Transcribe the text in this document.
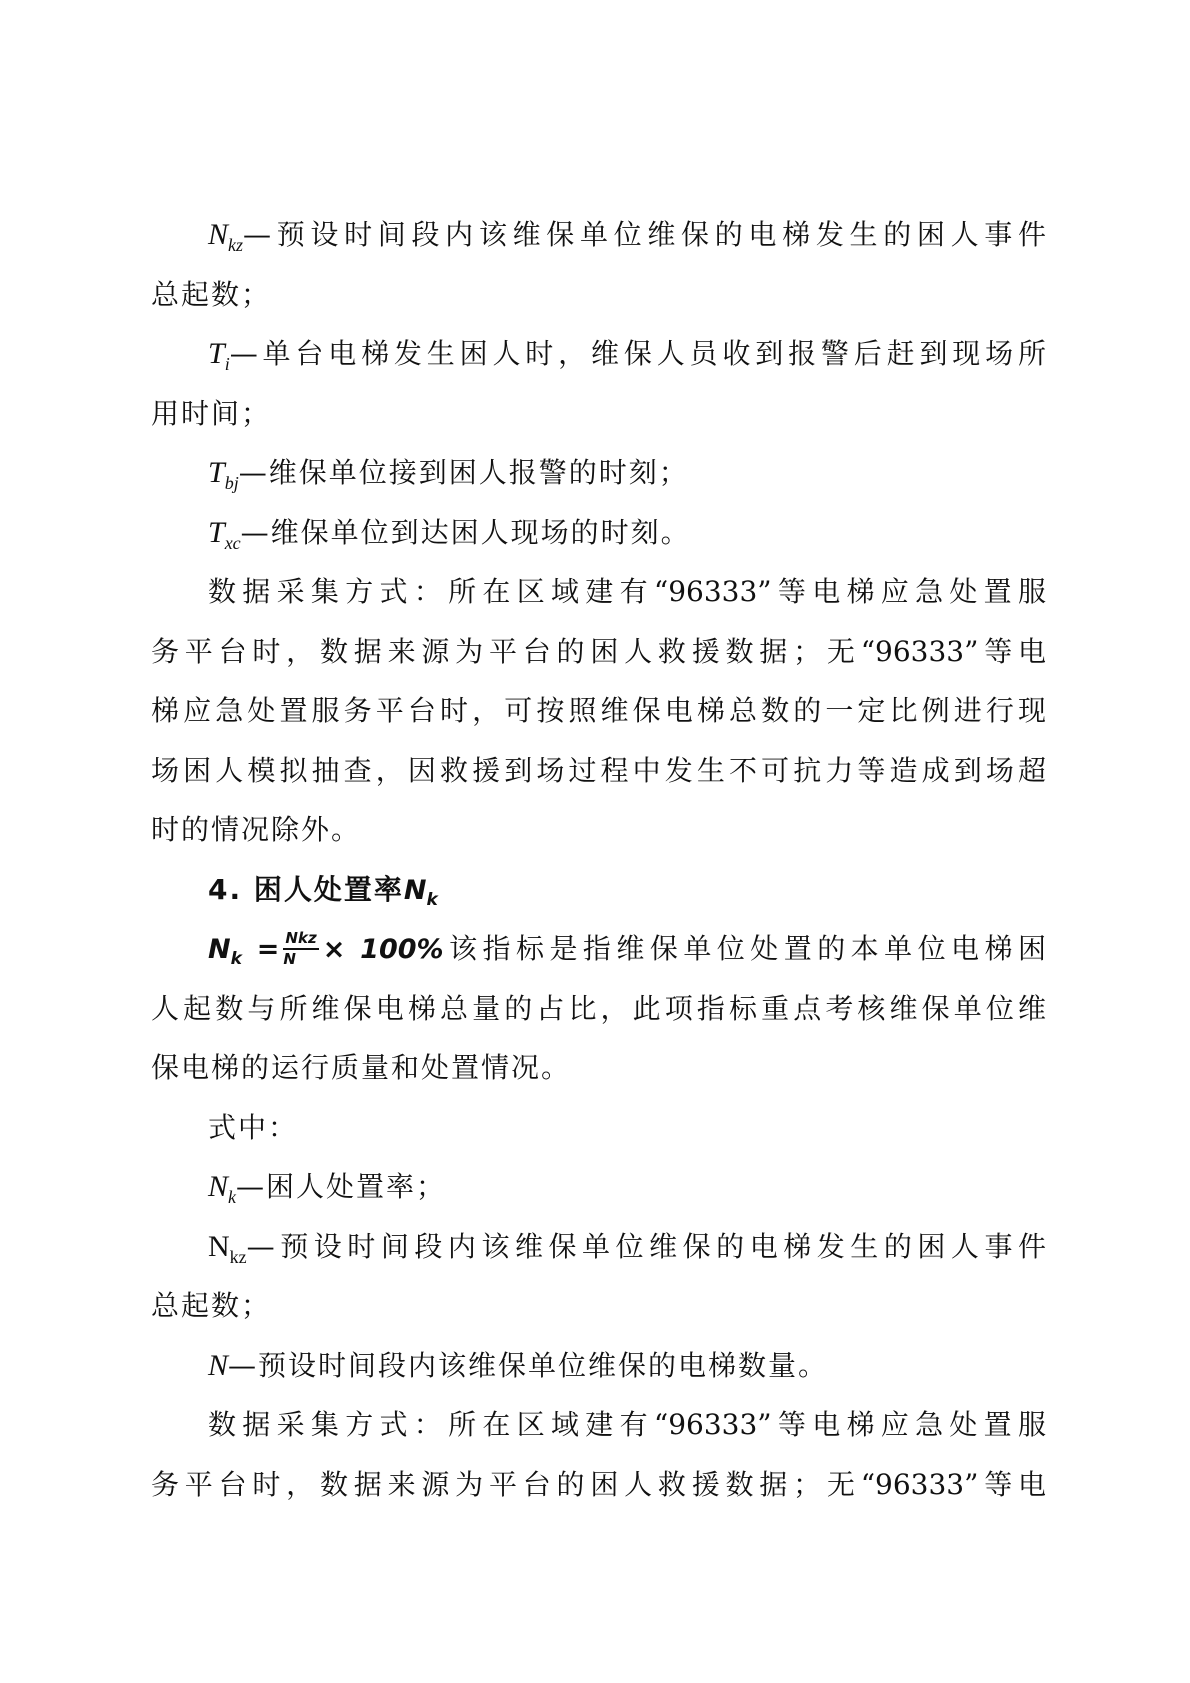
$N_{kz}—$预设时间段内该维保单位维保的电梯发生的困人事件
总起数；
$T_i—$单台电梯发生困人时，维保人员收到报警后赶到现场所
用时间；
$T_{bj}—$维保单位接到困人报警的时刻；
$T_{xc}—$维保单位到达困人现场的时刻。
数据采集方式：所在区域建有“96333”等电梯应急处置服
务平台时，数据来源为平台的困人救援数据；无“96333”等电
梯应急处置服务平台时，可按照维保电梯总数的一定比例进行现
场困人模拟抽查，因救援到场过程中发生不可抗力等造成到场超
时的情况除外。
4. 困人处置率$N_k$
$N_k = \frac{\text{Nkz}}{N} \times 100\%$该指标是指维保单位处置的本单位电梯困
人起数与所维保电梯总量的占比，此项指标重点考核维保单位维
保电梯的运行质量和处置情况。
式中：
$N_k—$困人处置率；
$N_{kz}—$预设时间段内该维保单位维保的电梯发生的困人事件
总起数；
N—预设时间段内该维保单位维保的电梯数量。
数据采集方式：所在区域建有“96333”等电梯应急处置服
务平台时，数据来源为平台的困人救援数据；无“96333”等电
